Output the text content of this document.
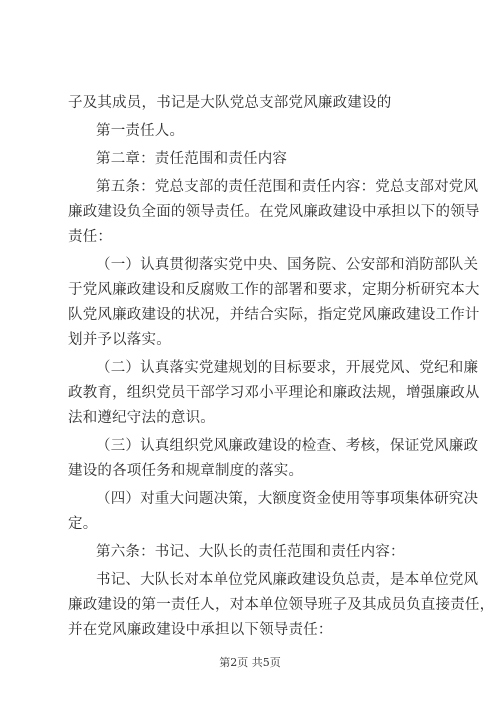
子及其成员，书记是大队党总支部党风廉政建设的
第一责任人。
第二章：责任范围和责任内容
第五条：党总支部的责任范围和责任内容：党总支部对党风
廉政建设负全面的领导责任。在党风廉政建设中承担以下的领导
责任：
（一）认真贯彻落实党中央、国务院、公安部和消防部队关
于党风廉政建设和反腐败工作的部署和要求，定期分析研究本大
队党风廉政建设的状况，并结合实际，指定党风廉政建设工作计
划并予以落实。
（二）认真落实党建规划的目标要求，开展党风、党纪和廉
政教育，组织党员干部学习邓小平理论和廉政法规，增强廉政从
法和遵纪守法的意识。
（三）认真组织党风廉政建设的检查、考核，保证党风廉政
建设的各项任务和规章制度的落实。
（四）对重大问题决策，大额度资金使用等事项集体研究决
定。
第六条：书记、大队长的责任范围和责任内容：
书记、大队长对本单位党风廉政建设负总责，是本单位党风
廉政建设的第一责任人，对本单位领导班子及其成员负直接责任，
并在党风廉政建设中承担以下领导责任：
第2页 共5页
